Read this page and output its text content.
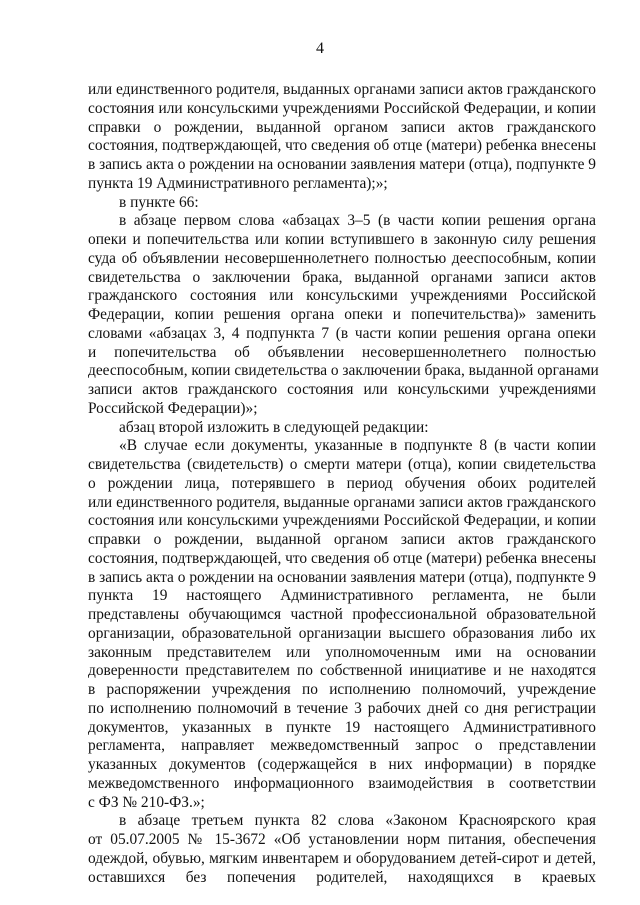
4
или единственного родителя, выданных органами записи актов гражданского
состояния или консульскими учреждениями Российской Федерации, и копии
справки о рождении, выданной органом записи актов гражданского
состояния, подтверждающей, что сведения об отце (матери) ребенка внесены
в запись акта о рождении на основании заявления матери (отца), подпункте 9
пункта 19 Административного регламента);»;
в пункте 66:
в абзаце первом слова «абзацах 3–5 (в части копии решения органа
опеки и попечительства или копии вступившего в законную силу решения
суда об объявлении несовершеннолетнего полностью дееспособным, копии
свидетельства о заключении брака, выданной органами записи актов
гражданского состояния или консульскими учреждениями Российской
Федерации, копии решения органа опеки и попечительства)» заменить
словами «абзацах 3, 4 подпункта 7 (в части копии решения органа опеки
и попечительства об объявлении несовершеннолетнего полностью
дееспособным, копии свидетельства о заключении брака, выданной органами
записи актов гражданского состояния или консульскими учреждениями
Российской Федерации)»;
абзац второй изложить в следующей редакции:
«В случае если документы, указанные в подпункте 8 (в части копии
свидетельства (свидетельств) о смерти матери (отца), копии свидетельства
о рождении лица, потерявшего в период обучения обоих родителей
или единственного родителя, выданные органами записи актов гражданского
состояния или консульскими учреждениями Российской Федерации, и копии
справки о рождении, выданной органом записи актов гражданского
состояния, подтверждающей, что сведения об отце (матери) ребенка внесены
в запись акта о рождении на основании заявления матери (отца), подпункте 9
пункта 19 настоящего Административного регламента, не были
представлены обучающимся частной профессиональной образовательной
организации, образовательной организации высшего образования либо их
законным представителем или уполномоченным ими на основании
доверенности представителем по собственной инициативе и не находятся
в распоряжении учреждения по исполнению полномочий, учреждение
по исполнению полномочий в течение 3 рабочих дней со дня регистрации
документов, указанных в пункте 19 настоящего Административного
регламента, направляет межведомственный запрос о представлении
указанных документов (содержащейся в них информации) в порядке
межведомственного информационного взаимодействия в соответствии
с ФЗ № 210-ФЗ.»;
в абзаце третьем пункта 82 слова «Законом Красноярского края
от 05.07.2005 № 15-3672 «Об установлении норм питания, обеспечения
одеждой, обувью, мягким инвентарем и оборудованием детей-сирот и детей,
оставшихся без попечения родителей, находящихся в краевых
